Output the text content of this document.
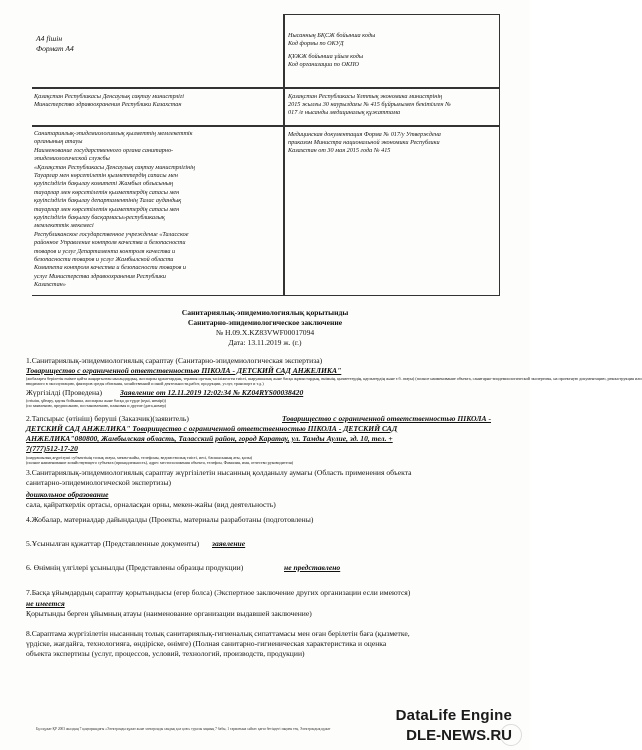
А4 fiшiн
Формат А4
Нысанның БҚСЖ бойынша коды
Код формы по ОКУД
ҚҰЖЖ бойынша ұйым коды
Код организации по ОКПО
Қазақстан Республикасы Денсаулық сақтау министрлігі
Министерство здравоохранения Республики Казахстан
Қазақстан Республикасы Ұлттық экономика министрінің
2015 жылғы 30 наурыздағы № 415 бұйрығымен бекітілген №
017 /е нысанды медициналық құжаттама
Санитариялық-эпидемиологиялық қызметтің мемлекеттік
органының атауы
Наименование государственного органа санитарно-
эпидемиологической службы
«Қазақстан Республикасы Денсаулық сақтау министрлігінің
Тауарлар мен көрсетілетін қызметтердің сапасы мен
қауіпсіздігін бақылау комитеті Жамбыл облысының
тауарлар мен көрсетілетін қызметтердің сапасы мен
қауіпсіздігін бақылау департаментінің Талас аудандық
тауарлар мен көрсетілетін қызметтердің сапасы мен
қауіпсіздігін бақылау басқармасы»республикалық
мемлекеттік мекемесі
Республиканское государственное учреждение «Таласское
районное Управление контроля качества и безопасности
товаров и услуг Департамента контроля качества и
безопасности товаров и услуг Жамбылской области
Комитета контроля качества и безопасности товаров и
услуг Министерства здравоохранения Республики
Казахстан»
Медицинская документация Форма № 017/у Утверждена
приказом Министра национальной экономики Республики
Казахстан от 30 мая 2015 года № 415
Санитариялық-эпидемиологиялық қорытынды
Санитарно-эпидемиологическое заключение
№ Н.09.Х.KZ83VWF00017094
Дата: 13.11.2019 ж. (г.)
1.Санитариялық-эпидемиологиялық сараптау (Санитарно-эпидемиологическая экспертиза)
Товарищество с ограниченной ответственностью ПІКОЛА - ДЕТСКИЙ САД АНЖЕЛИКА"
(жобаларға берілетін өнімге қайта жаңартылған нысандардың, жоспарлы құжаттардың, терапия оргтың тәсіліжелген тиісті, шаруашылық және басқа жұмыстардың, өнімнің, қызметтердің, қаулытердің және т.б. атауы) (полное наименование объекта, санитарно-эпидемиологической экспертизы, на проектную документацию, реконструкция или
вводимого в эксплуатацию, факторов среды обитания, хозяйственной и иной деятельности,работ, продукции, услуг, транспорт и т.д.)
Жүргiзiлдi (Проведена) Заявление от 12.11.2019 12:02:34 № KZ04RYS00038420
(отініш, ұйғару, қаулы бойынша, жоспарлы және басқа да түрде (күні, нөмірі))
(по заявлению, предписанию, постановлению, плановая и другие (дата,номер)
2.Тапсырыс (өтiнiш) берушi (Заказчик)(заявитель)	Товарищество с ограниченной ответственностью ПІКОЛА -
ДЕТСКИЙ САД АНЖЕЛИКА" Товарищество с ограниченной ответственностью ПІКОЛА - ДЕТСКИЙ САД
АНЖЕЛИКА"080800, Жамбылская область, Таласский район, город Каратау, ул. Тамды Аулие, зд. 10, тел. +
7(777)512-17-20
(шаруашылық жүргізуші субъектінің толық атауы, мекен-жайы, телефоны, ведомстволық тиісті, иесі, басшысының аты, қолы)
(полное наименование хозяйствующего субъекта (принадлежность), адрес местоположения объекта, телефон, Фамилия, имя, отчество руководителя)
3.Санитариялық-эпидемиологиялық сараптау жүргізілетін нысанның қолданылу аумағы (Область применения объекта
санитарно-эпидемиологической экспертизы)
дошкольное образование
сала, қайраткерлік ортасы, орналасқан орны, мекен-жайы (вид деятельность)
4.Жобалар, материалдар дайындалды (Проекты, материалы разработаны (подготовлены)
5.Ұсынылған құжаттар (Представленные документы) заявление
6. Өнімнің үлгілері ұсынылды (Представлены образцы продукции)	не представлено
7.Басқа ұйымдардың сараптау қорытындысы (егер болса) (Экспертное заключение других организации если имеются)
не имеется
Қорытынды берген ұйымның атауы (наименование организации выдавшей заключение)
8.Сараптама жүргізілетін нысанның толық санитариялық-гигиеналық сипаттамасы мен оған берілетін баға (қызметке,
үрдiске, жағдайға, технологияға, өндiрiске, өнiмге) (Полная санитарно-гигиеническая характеристика и оценка
объекта экспертизы (услуг, процессов, условий, технологий, производств, продукции)
Бұл құжат ҚР 2003 жылдың 7 қаңтарындағы «Электронды құжат және электронды сандық қол қою» туралы заңның 7 бабы, 1 тармағына сәйкес қағаз бетіндегі заңмен тең. Электрондық құжат
DataLife Engine
DLE-NEWS.RU
